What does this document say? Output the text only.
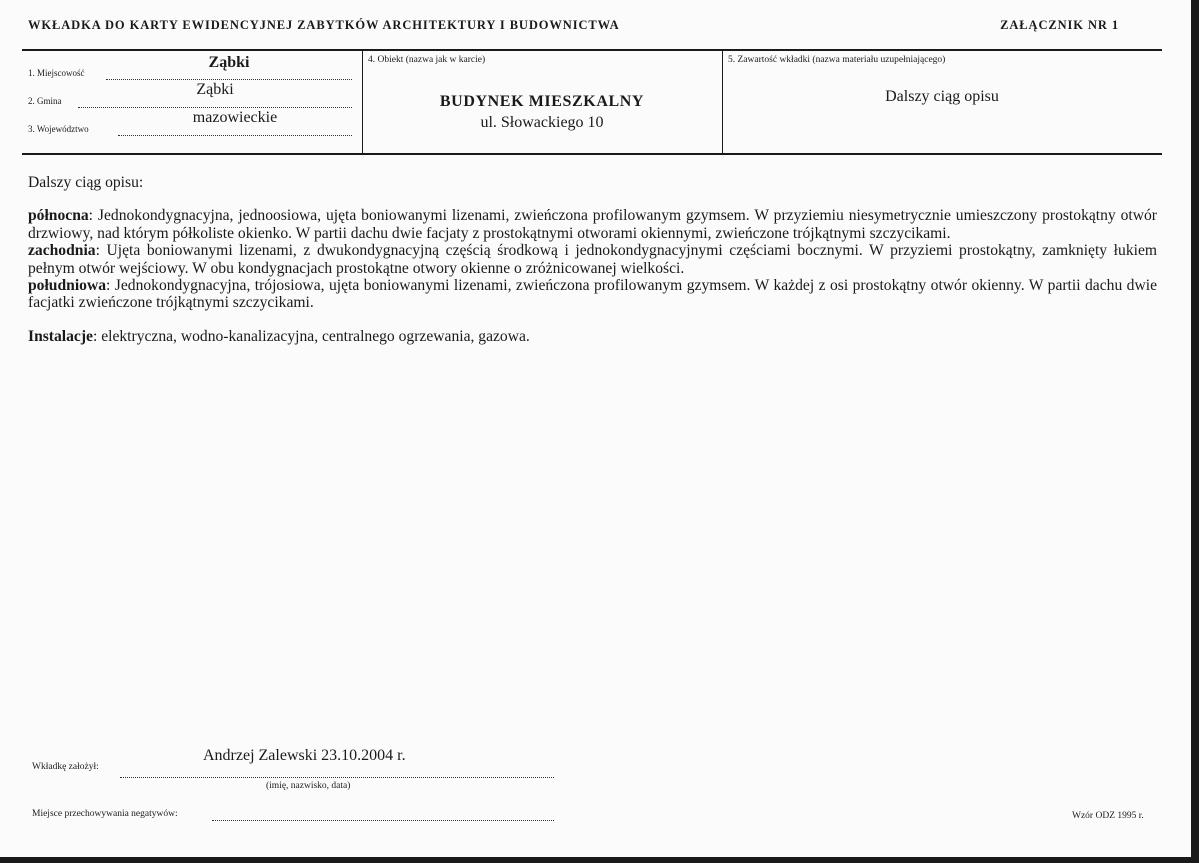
WKŁADKA DO KARTY EWIDENCYJNEJ ZABYTKÓW ARCHITEKTURY I BUDOWNICTWA	ZAŁĄCZNIK NR 1
1. Miejscowość
Ząbki
2. Gmina
Ząbki
3. Województwo
mazowieckie
4. Obiekt (nazwa jak w karcie)
BUDYNEK MIESZKALNY
ul. Słowackiego 10
5. Zawartość wkładki (nazwa materiału uzupełniającego)
Dalszy ciąg opisu

Dalszy ciąg opisu:

północna: Jednokondygnacyjna, jednoosiowa, ujęta boniowanymi lizenami, zwieńczona profilowanym gzymsem. W przyziemiu niesymetrycznie umieszczony prostokątny otwór drzwiowy, nad którym półkoliste okienko. W partii dachu dwie facjaty z prostokątnymi otworami okiennymi, zwieńczone trójkątnymi szczycikami.

zachodnia: Ujęta boniowanymi lizenami, z dwukondygnacyjną częścią środkową i jednokondygnacyjnymi częściami bocznymi. W przyziemi prostokątny, zamknięty łukiem pełnym otwór wejściowy. W obu kondygnacjach prostokątne otwory okienne o zróżnicowanej wielkości.

południowa: Jednokondygnacyjna, trójosiowa, ujęta boniowanymi lizenami, zwieńczona profilowanym gzymsem. W każdej z osi prostokątny otwór okienny. W partii dachu dwie facjatki zwieńczone trójkątnymi szczycikami.

Instalacje: elektryczna, wodno-kanalizacyjna, centralnego ogrzewania, gazowa.

Wkładkę założył:
Andrzej Zalewski 23.10.2004 r.
(imię, nazwisko, data)
Miejsce przechowywania negatywów:	Wzór ODZ 1995 r.
